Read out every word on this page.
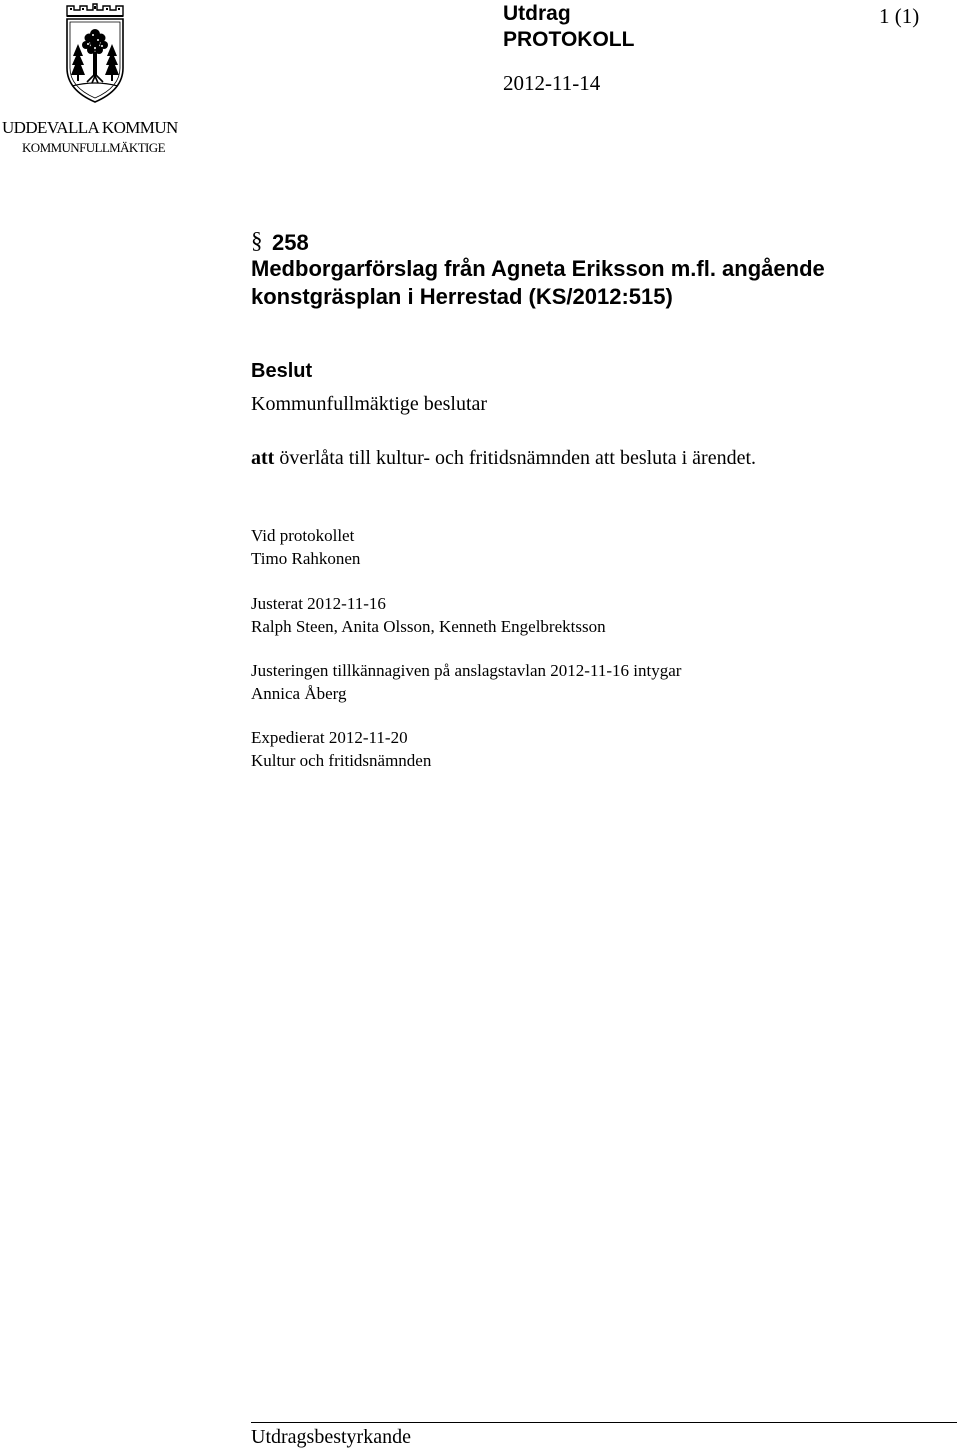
UDDEVALLA KOMMUN
KOMMUNFULLMÄKTIGE
Utdrag
PROTOKOLL
2012-11-14
1 (1)
§ 258
Medborgarförslag från Agneta Eriksson m.fl. angående
konstgräsplan i Herrestad (KS/2012:515)
Beslut
Kommunfullmäktige beslutar
att överlåta till kultur- och fritidsnämnden att besluta i ärendet.
Vid protokollet
Timo Rahkonen
Justerat 2012-11-16
Ralph Steen, Anita Olsson, Kenneth Engelbrektsson
Justeringen tillkännagiven på anslagstavlan 2012-11-16 intygar
Annica Åberg
Expedierat 2012-11-20
Kultur och fritidsnämnden
Utdragsbestyrkande
